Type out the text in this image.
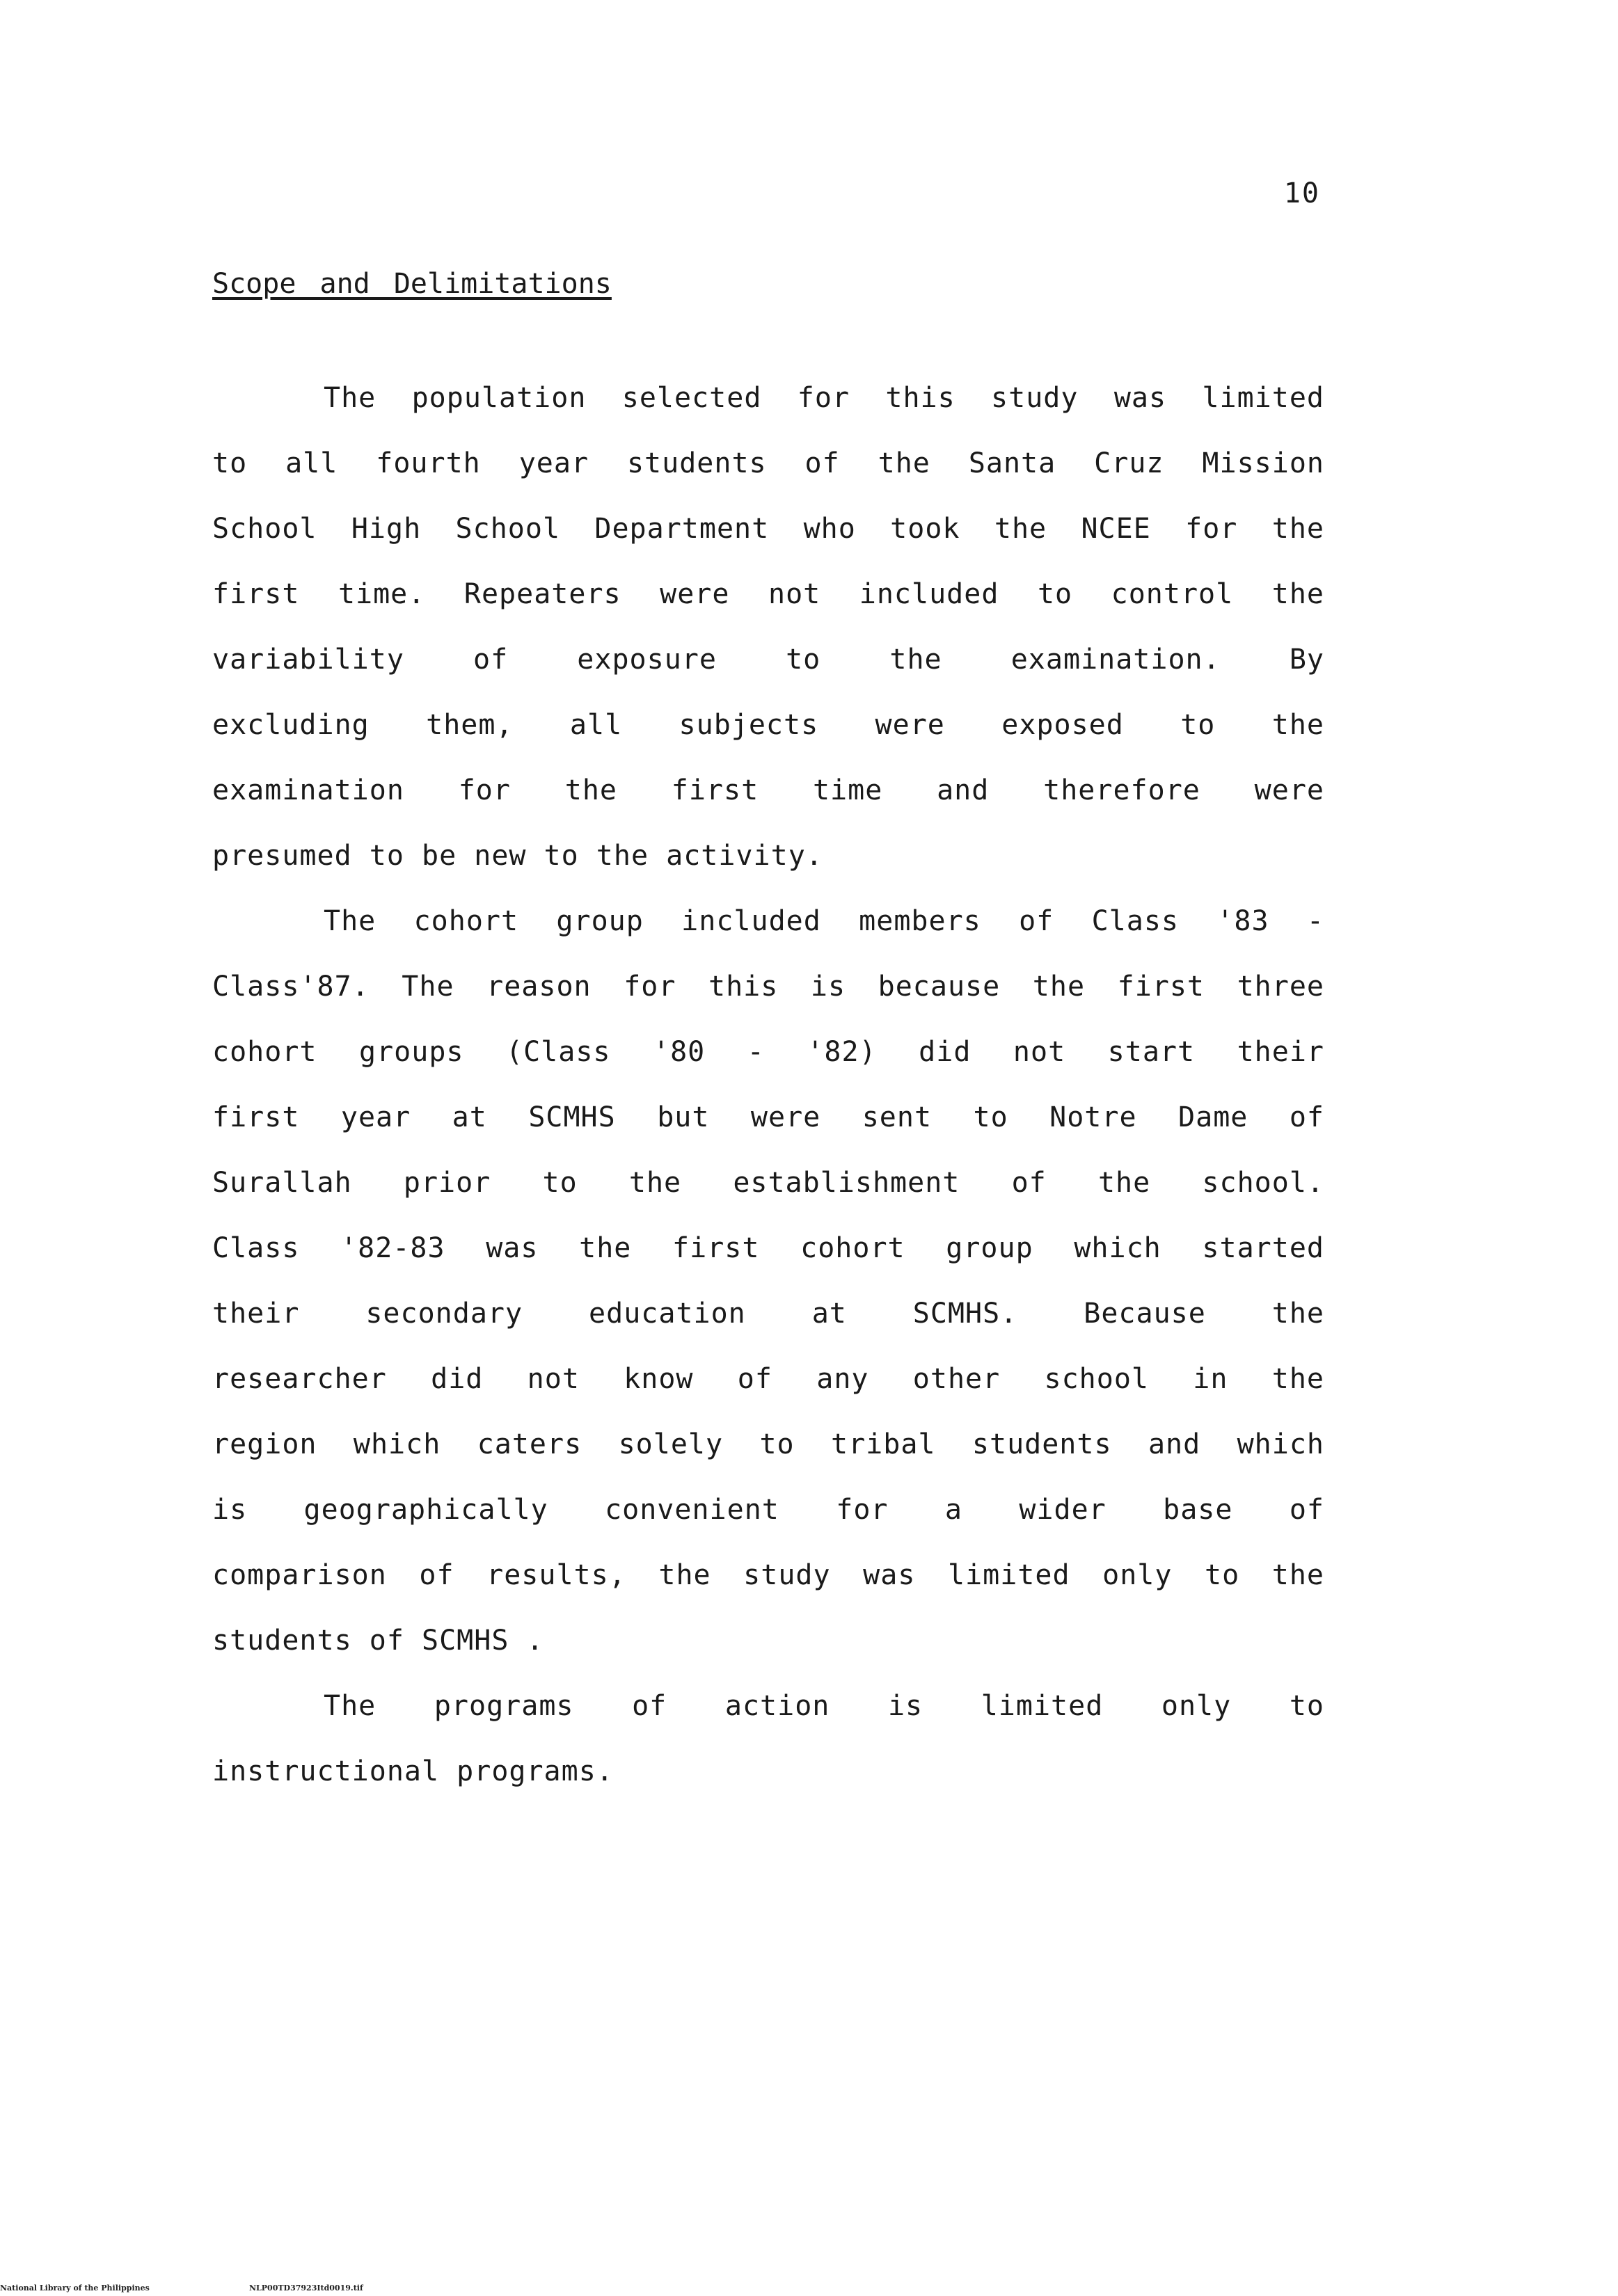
10
Scope and Delimitations
The population selected for this study was limited
to all fourth year students of the Santa Cruz Mission
School High School Department who took the NCEE for the
first time. Repeaters were not included to control the
variability of exposure to the examination. By
excluding them, all subjects were exposed to the
examination for the first time and therefore were
presumed to be new to the activity.
The cohort group included members of Class '83 -
Class'87. The reason for this is because the first three
cohort groups (Class '80 - '82) did not start their
first year at SCMHS but were sent to Notre Dame of
Surallah prior to the establishment of the school.
Class '82-83 was the first cohort group which started
their secondary education at SCMHS. Because the
researcher did not know of any other school in the
region which caters solely to tribal students and which
is geographically convenient for a wider base of
comparison of results, the study was limited only to the
students of SCMHS .
The programs of action is limited only to
instructional programs.
National Library of the Philippines	NLP00TD37923Itd0019.tif
